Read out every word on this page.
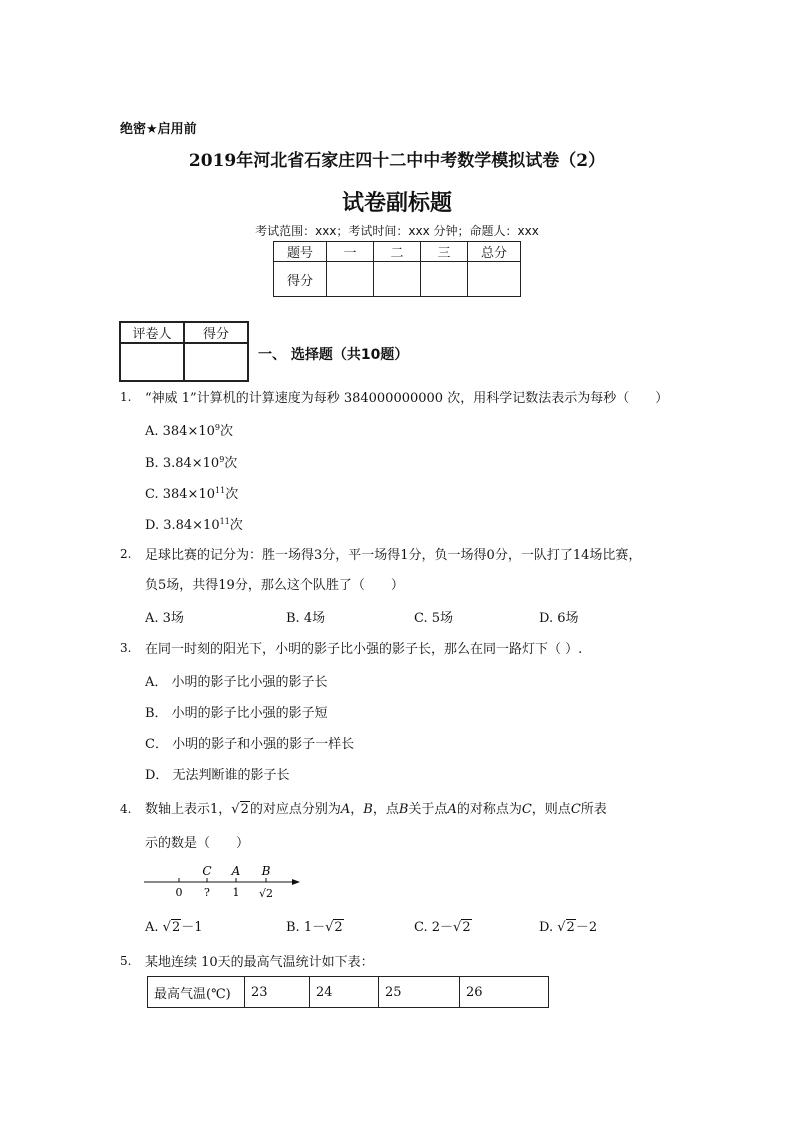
绝密★启用前
2019年河北省石家庄四十二中中考数学模拟试卷（2）
试卷副标题
考试范围：xxx；考试时间：xxx 分钟；命题人：xxx
题号	一	二	三	总分
得分				
评卷人	得分

一、 选择题（共10题）
1. “神威 1”计算机的计算速度为每秒 384000000000 次，用科学记数法表示为每秒（　　）
A. $384\times 10^9$次
B. $3.84\times 10^9$次
C. $384\times 10^{11}$次
D. $3.84\times 10^{11}$次
2. 足球比赛的记分为：胜一场得3分，平一场得1分，负一场得0分，一队打了14场比赛，
负5场，共得19分，那么这个队胜了（　　）
A. 3场	B. 4场	C. 5场	D. 6场
3. 在同一时刻的阳光下，小明的影子比小强的影子长，那么在同一路灯下（ ）.
A． 小明的影子比小强的影子长
B． 小明的影子比小强的影子短
C． 小明的影子和小强的影子一样长
D． 无法判断谁的影子长
4. 数轴上表示1，√2的对应点分别为A，B，点B关于点A的对称点为C，则点C所表
示的数是（　　）
C A B
0 ? 1 √2
A. √2－1	B. 1－√2	C. 2－√2	D. √2－2
5. 某地连续 10天的最高气温统计如下表：
最高气温(℃)	23	24	25	26
